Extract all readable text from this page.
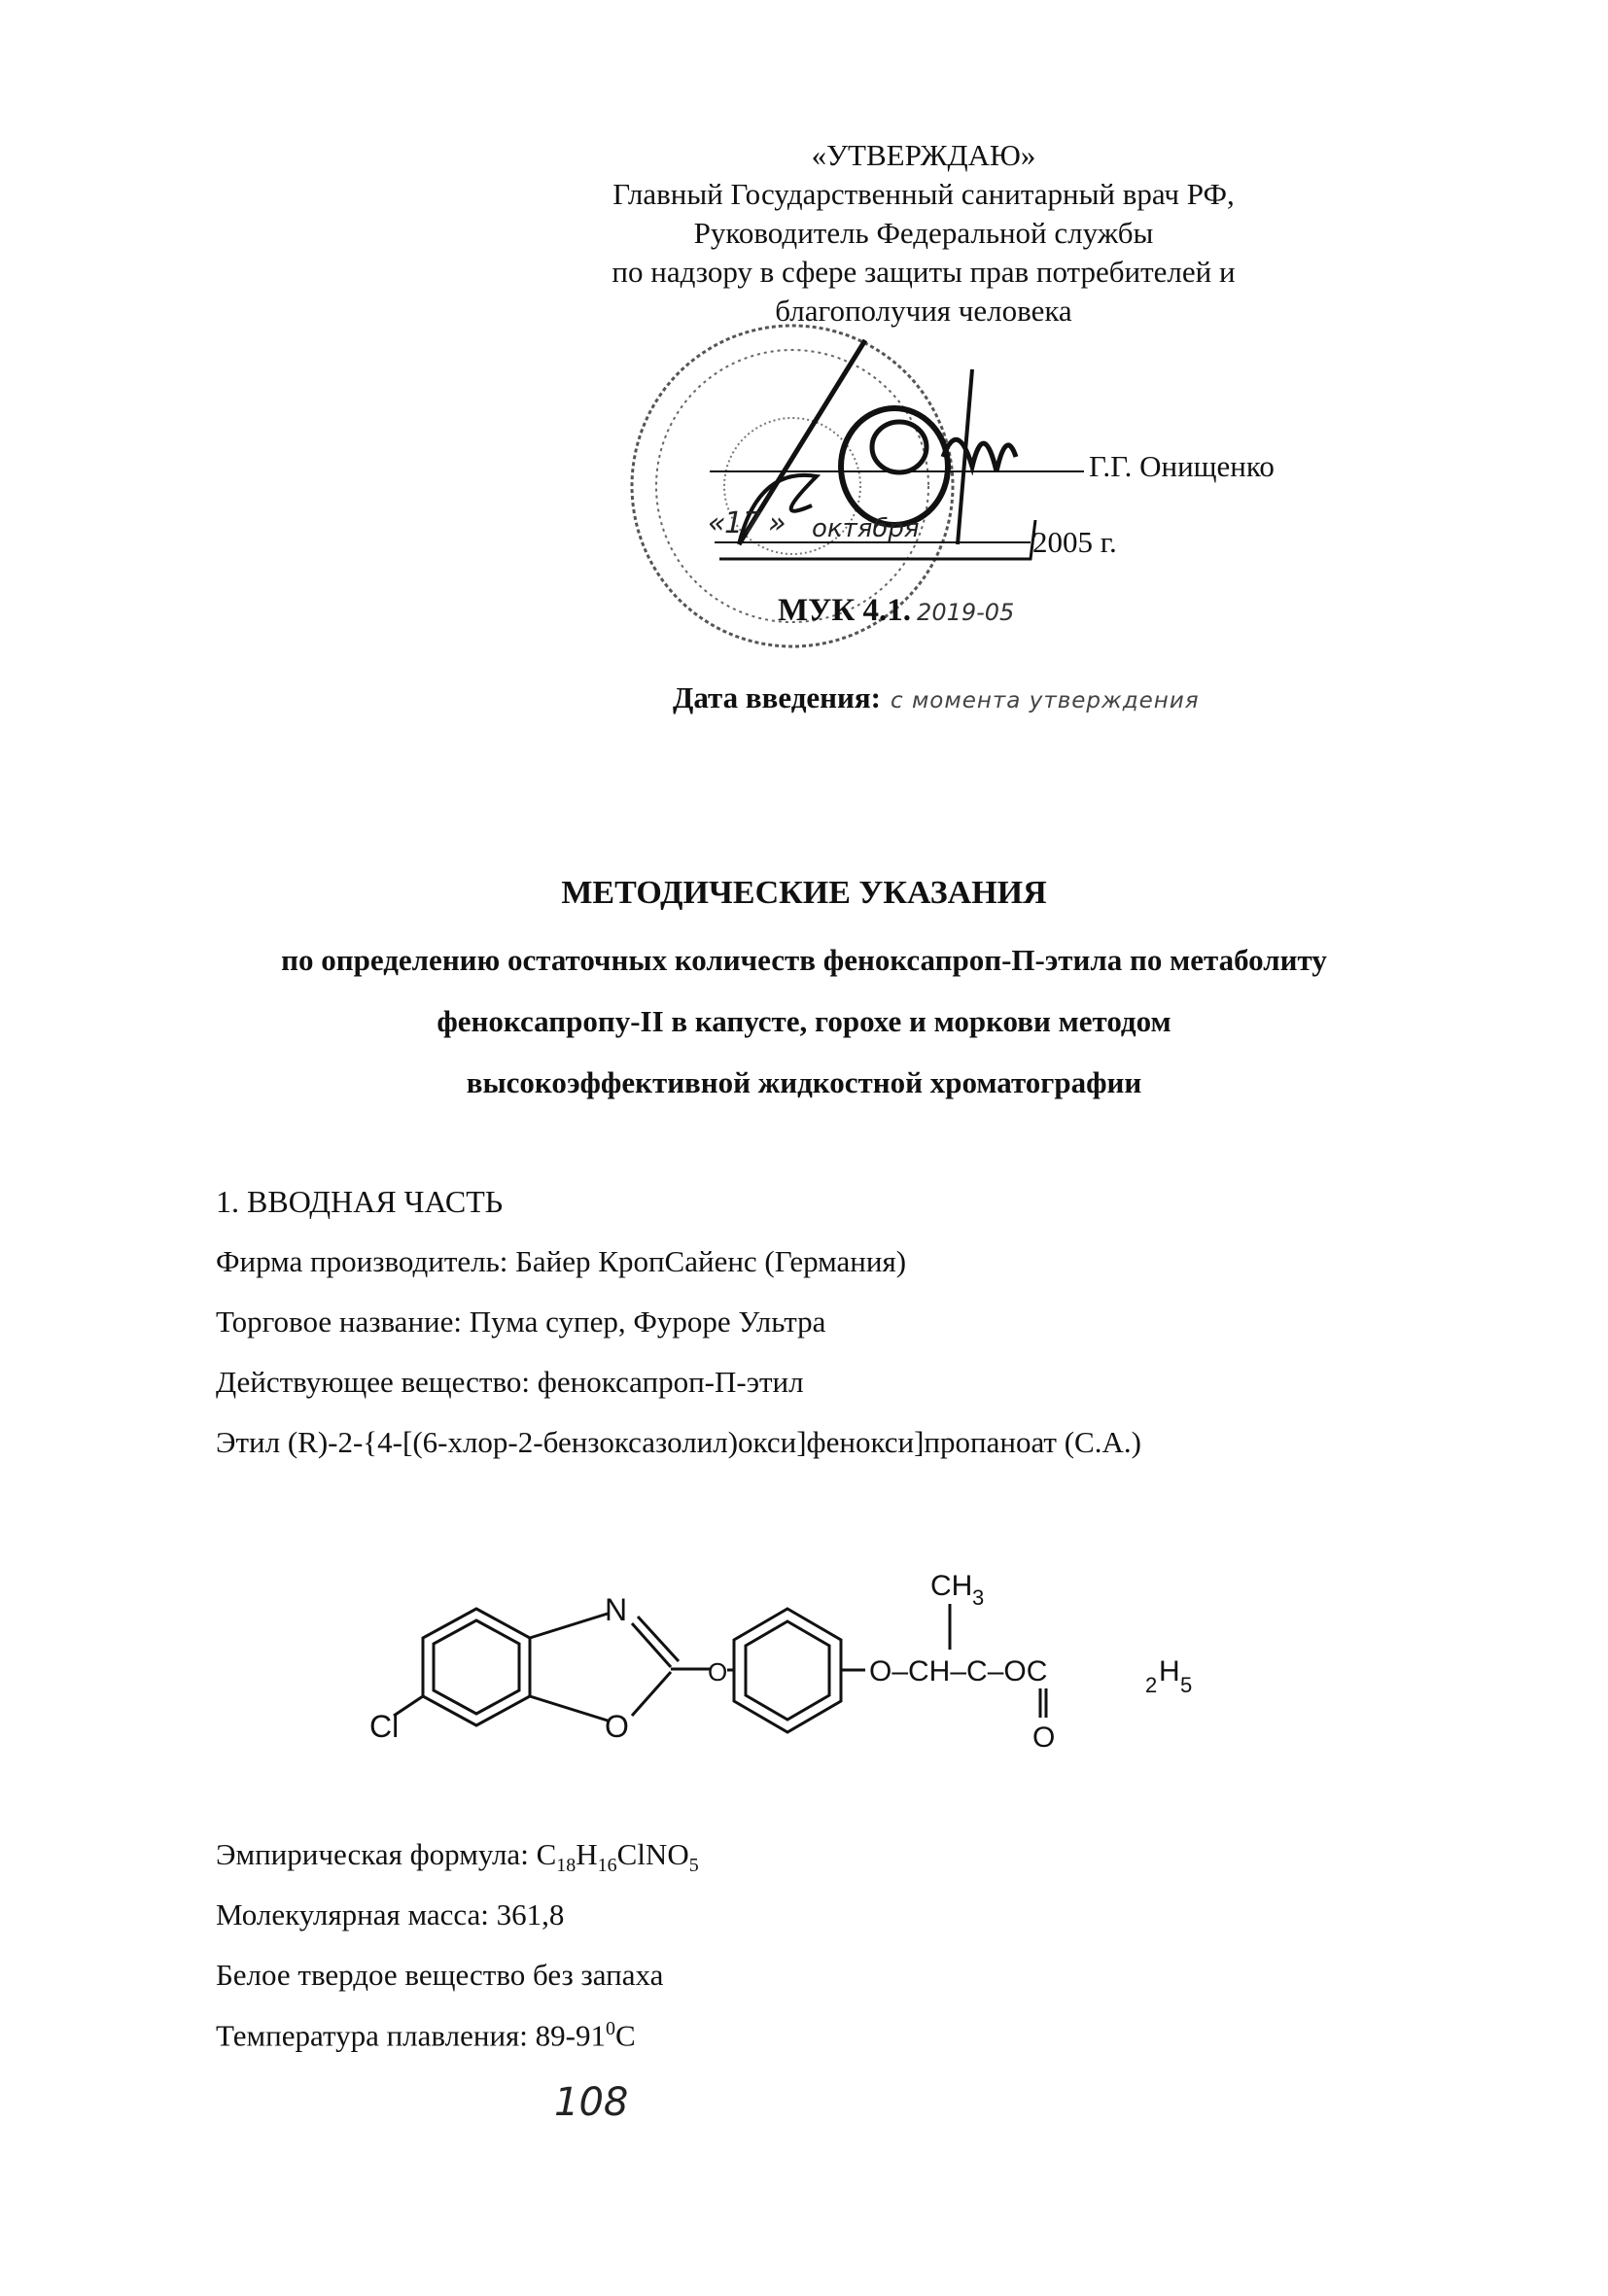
«УТВЕРЖДАЮ»
Главный Государственный санитарный врач РФ,
Руководитель Федеральной службы
по надзору в сфере защиты прав потребителей и
благополучия человека
«
17 » октября
Г.Г. Онищенко
2005 г.
МУК 4.1. 2019-05
Дата введения: с момента утверждения
МЕТОДИЧЕСКИЕ УКАЗАНИЯ
по определению остаточных количеств феноксапроп-П-этила по метаболиту
феноксапропу-II в капусте, горохе и моркови методом
высокоэффективной жидкостной хроматографии
1. ВВОДНАЯ ЧАСТЬ
Фирма производитель: Байер КропСайенс (Германия)
Торговое название: Пума супер, Фуроре Ультра
Действующее вещество: феноксапроп-П-этил
Этил (R)-2-{4-[(6-хлор-2-бензоксазолил)окси]фенокси]пропаноат (С.А.)
Cl
N
O
O	O–CH–C–OC	2 H 5
CH 3
O
Эмпирическая формула: $C_{18}H_{16}ClNO_5$
Молекулярная масса: 361,8
Белое твердое вещество без запаха
Температура плавления: $89-91^0С$
108
